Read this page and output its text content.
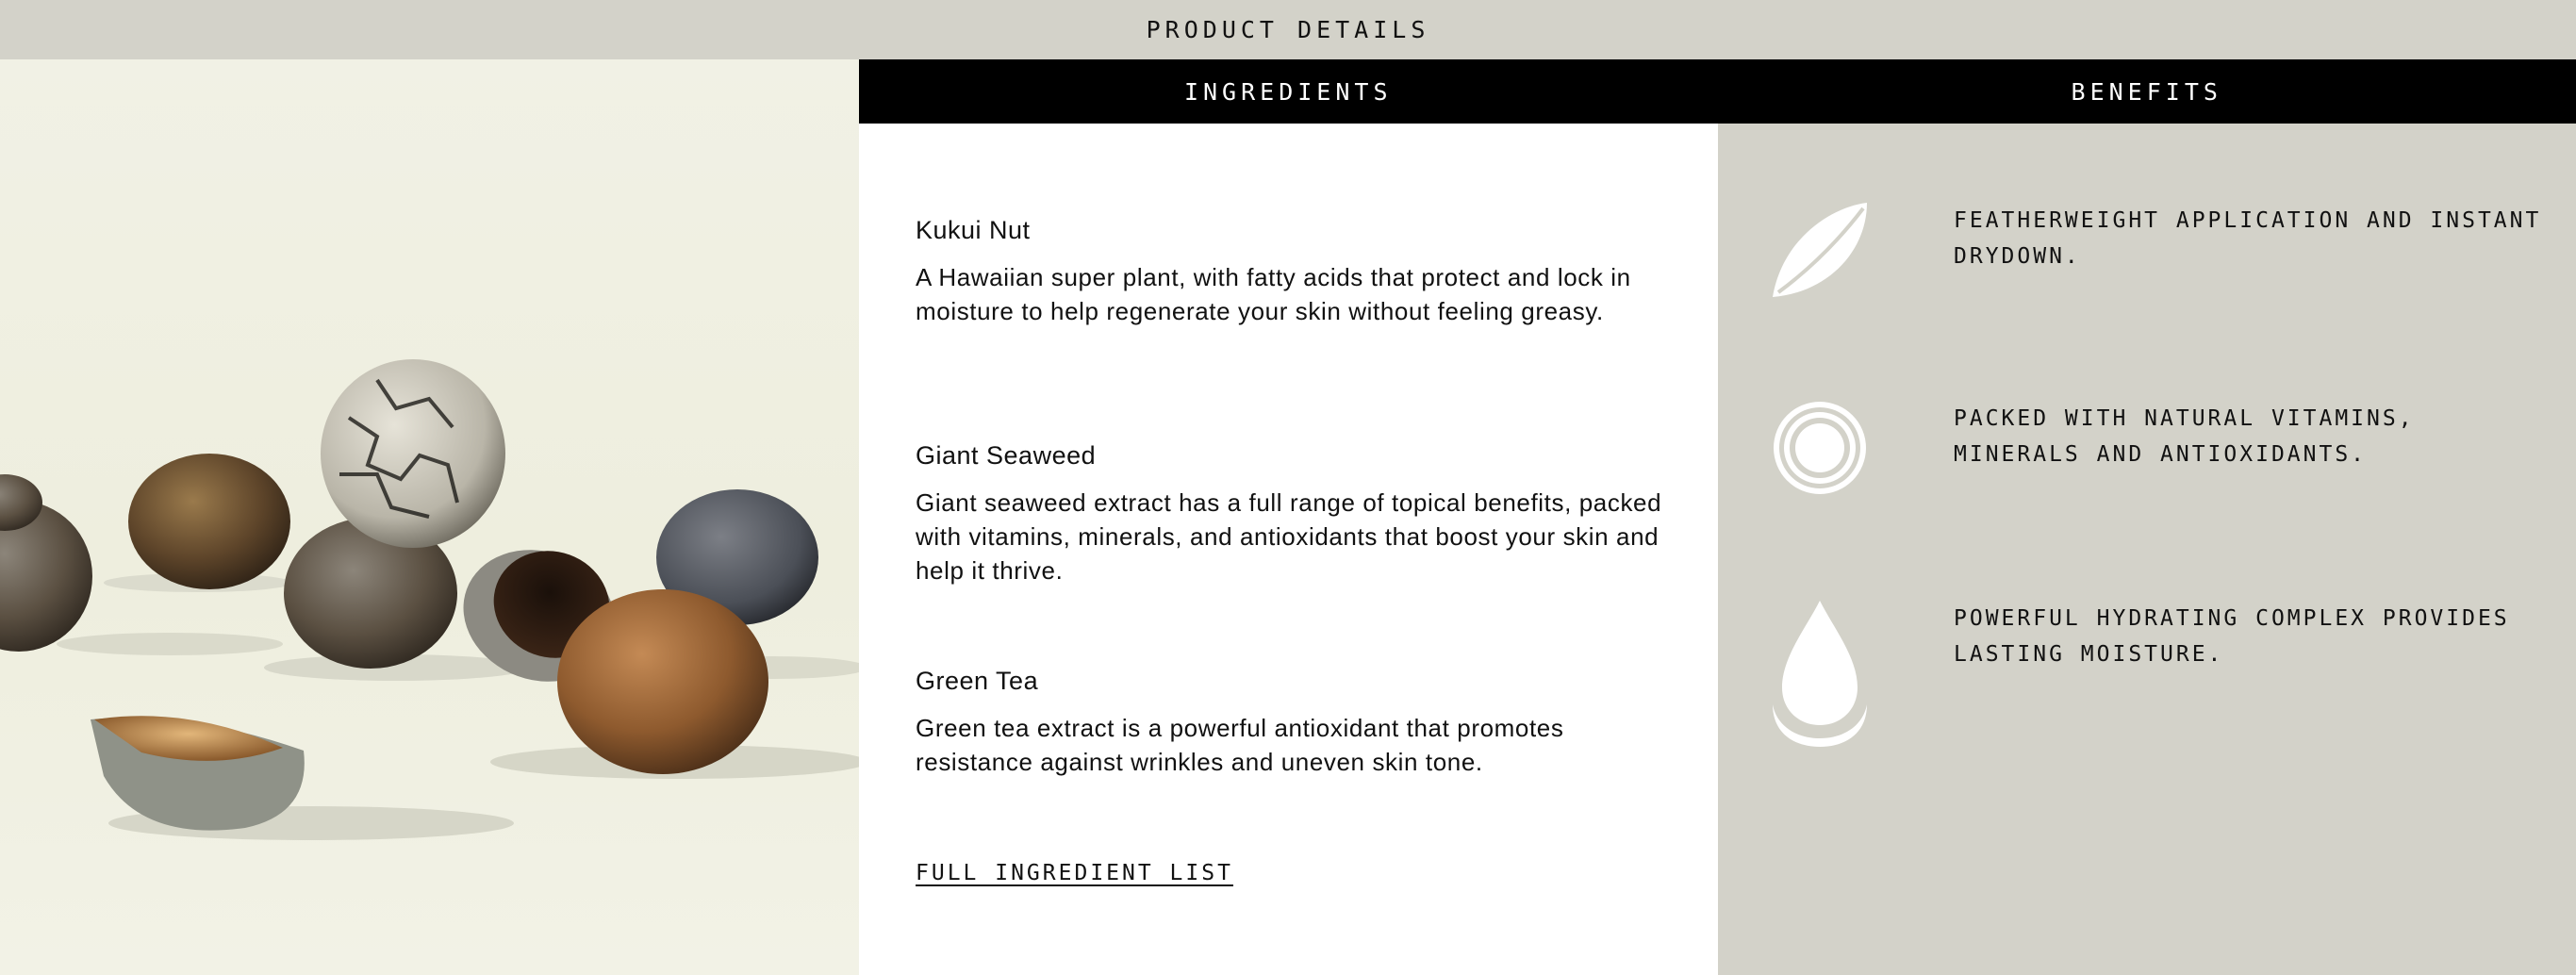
PRODUCT DETAILS
INGREDIENTS	BENEFITS

Kukui Nut

A Hawaiian super plant, with fatty acids that protect and lock in moisture to help regenerate your skin without feeling greasy.

Giant Seaweed

Giant seaweed extract has a full range of topical benefits, packed with vitamins, minerals, and antioxidants that boost your skin and help it thrive.

Green Tea

Green tea extract is a powerful antioxidant that promotes resistance against wrinkles and uneven skin tone.

FULL INGREDIENT LIST

FEATHERWEIGHT APPLICATION AND INSTANT DRYDOWN.

PACKED WITH NATURAL VITAMINS, MINERALS AND ANTIOXIDANTS.

POWERFUL HYDRATING COMPLEX PROVIDES LASTING MOISTURE.
